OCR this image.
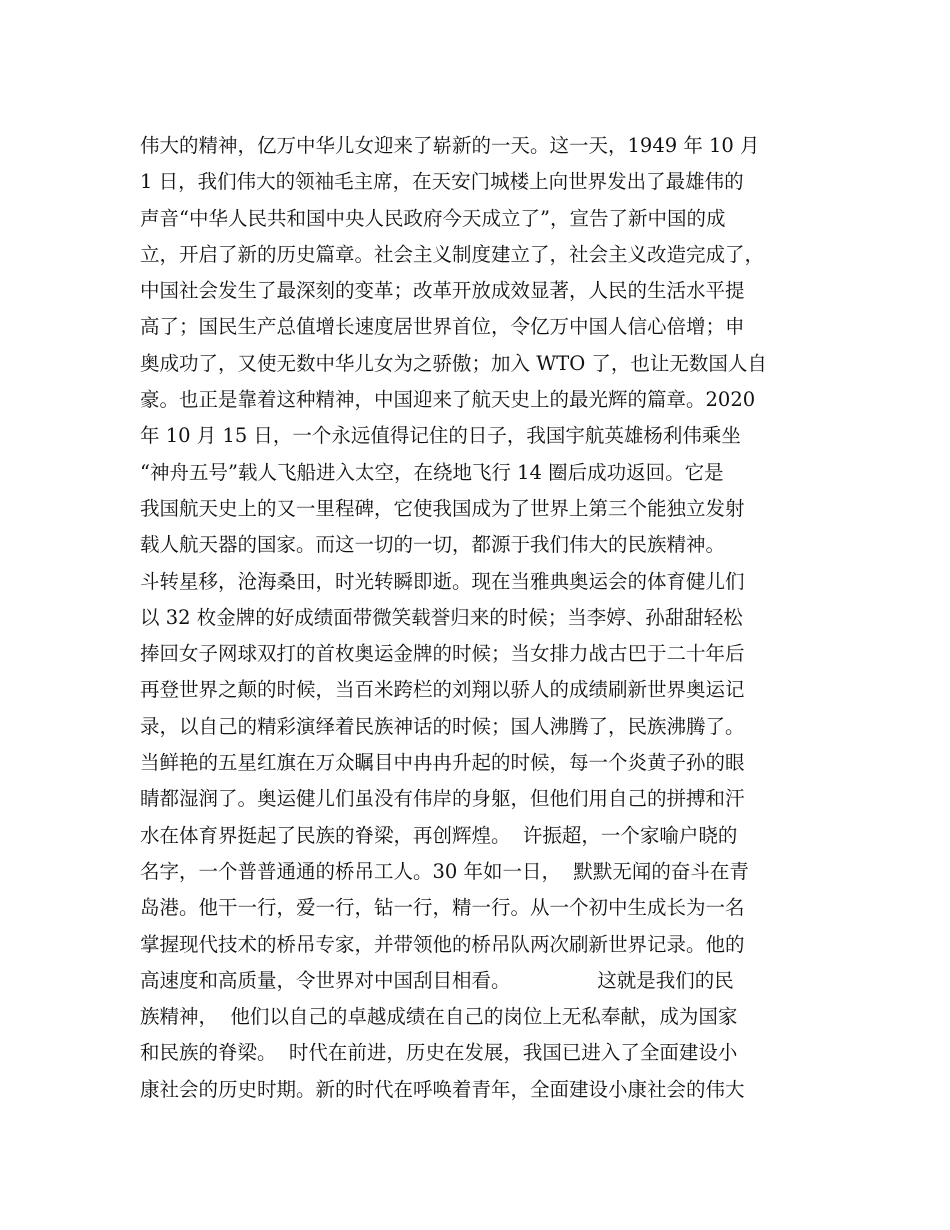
伟大的精神，亿万中华儿女迎来了崭新的一天。这一天，1949 年 10 月
1 日，我们伟大的领袖毛主席，在天安门城楼上向世界发出了最雄伟的
声音“中华人民共和国中央人民政府今天成立了”，宣告了新中国的成
立，开启了新的历史篇章。社会主义制度建立了，社会主义改造完成了，
中国社会发生了最深刻的变革；改革开放成效显著，人民的生活水平提
高了；国民生产总值增长速度居世界首位，令亿万中国人信心倍增；申
奥成功了，又使无数中华儿女为之骄傲；加入 WTO 了，也让无数国人自
豪。也正是靠着这种精神，中国迎来了航天史上的最光辉的篇章。2020
年 10 月 15 日，一个永远值得记住的日子，我国宇航英雄杨利伟乘坐
“神舟五号”载人飞船进入太空，在绕地飞行 14 圈后成功返回。它是
我国航天史上的又一里程碑，它使我国成为了世界上第三个能独立发射
载人航天器的国家。而这一切的一切，都源于我们伟大的民族精神。
斗转星移，沧海桑田，时光转瞬即逝。现在当雅典奥运会的体育健儿们
以 32 枚金牌的好成绩面带微笑载誉归来的时候；当李婷、孙甜甜轻松
捧回女子网球双打的首枚奥运金牌的时候；当女排力战古巴于二十年后
再登世界之颠的时候，当百米跨栏的刘翔以骄人的成绩刷新世界奥运记
录，以自己的精彩演绎着民族神话的时候；国人沸腾了，民族沸腾了。
当鲜艳的五星红旗在万众瞩目中冉冉升起的时候，每一个炎黄子孙的眼
睛都湿润了。奥运健儿们虽没有伟岸的身躯，但他们用自己的拼搏和汗
水在体育界挺起了民族的脊梁，再创辉煌。  许振超，一个家喻户晓的
名字，一个普普通通的桥吊工人。30 年如一日，  默默无闻的奋斗在青
岛港。他干一行，爱一行，钻一行，精一行。从一个初中生成长为一名
掌握现代技术的桥吊专家，并带领他的桥吊队两次刷新世界记录。他的
高速度和高质量，令世界对中国刮目相看。              这就是我们的民
族精神，  他们以自己的卓越成绩在自己的岗位上无私奉献，成为国家
和民族的脊梁。  时代在前进，历史在发展，我国已进入了全面建设小
康社会的历史时期。新的时代在呼唤着青年，全面建设小康社会的伟大
